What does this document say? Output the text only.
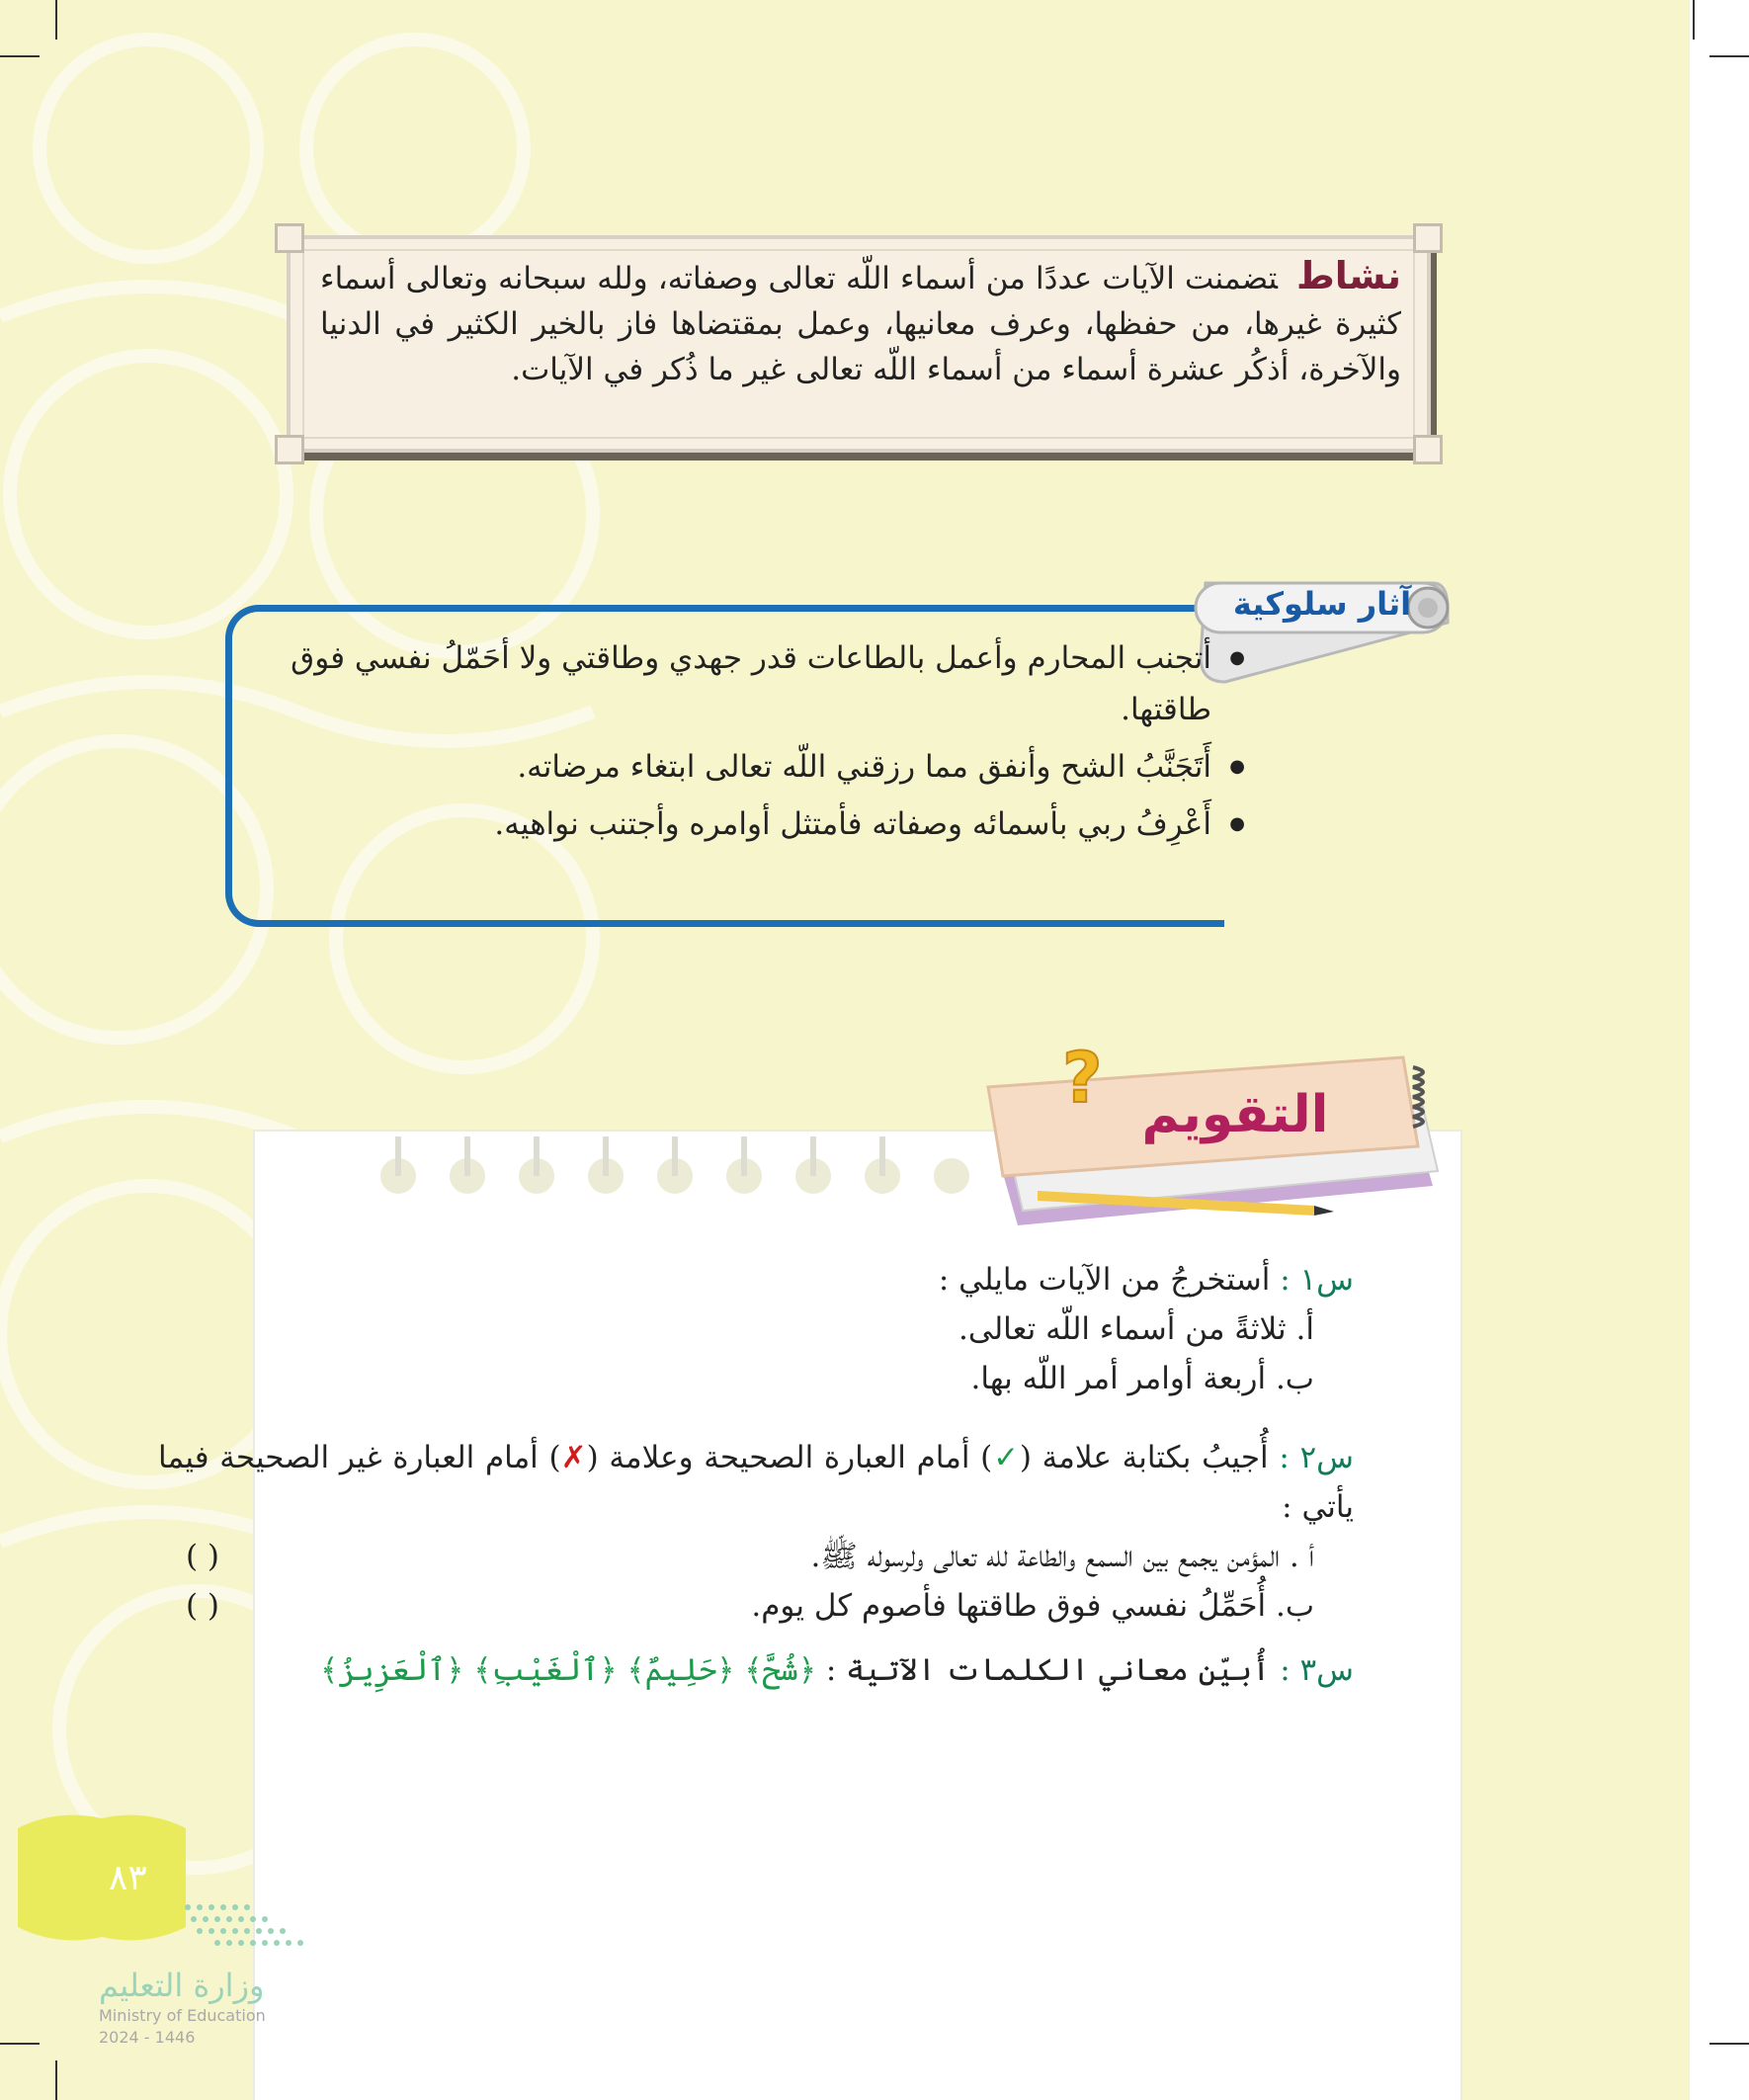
نشاطتضمنت الآيات عددًا من أسماء اللّه تعالى وصفاته، ولله سبحانه وتعالى أسماء كثيرة غيرها، من حفظها، وعرف معانيها، وعمل بمقتضاها فاز بالخير الكثير في الدنيا والآخرة، أذكُر عشرة أسماء من أسماء اللّه تعالى غير ما ذُكر في الآيات.
آثار سلوكية
● أتجنب المحارم وأعمل بالطاعات قدر جهدي وطاقتي ولا أحَمّلُ نفسي فوق طاقتها.
● أَتَجَنَّبُ الشح وأنفق مما رزقني اللّه تعالى ابتغاء مرضاته.
● أَعْرِفُ ربي بأسمائه وصفاته فأمتثل أوامره وأجتنب نواهيه.
? التقويم
س١ : أستخرجُ من الآيات مايلي :
أ. ثلاثةً من أسماء اللّه تعالى.
ب. أربعة أوامر أمر اللّه بها.
س٢ : أُجيبُ بكتابة علامة (✓) أمام العبارة الصحيحة وعلامة (✗) أمام العبارة غير الصحيحة فيما يأتي :
أ . المؤمن يجمع بين السمع والطاعة لله تعالى ولرسوله ﷺ.
( )
ب. أُحَمِّلُ نفسي فوق طاقتها فأصوم كل يوم.
( )
س٣ : أُبيّن معاني الكلمات الآتية : ﴿شُحَّ﴾ ﴿حَلِيمٌ﴾ ﴿ٱلْغَيْبِ﴾ ﴿ٱلْعَزِيزُ﴾
٨٣
وزارة التعليم
Ministry of Education
2024 - 1446
